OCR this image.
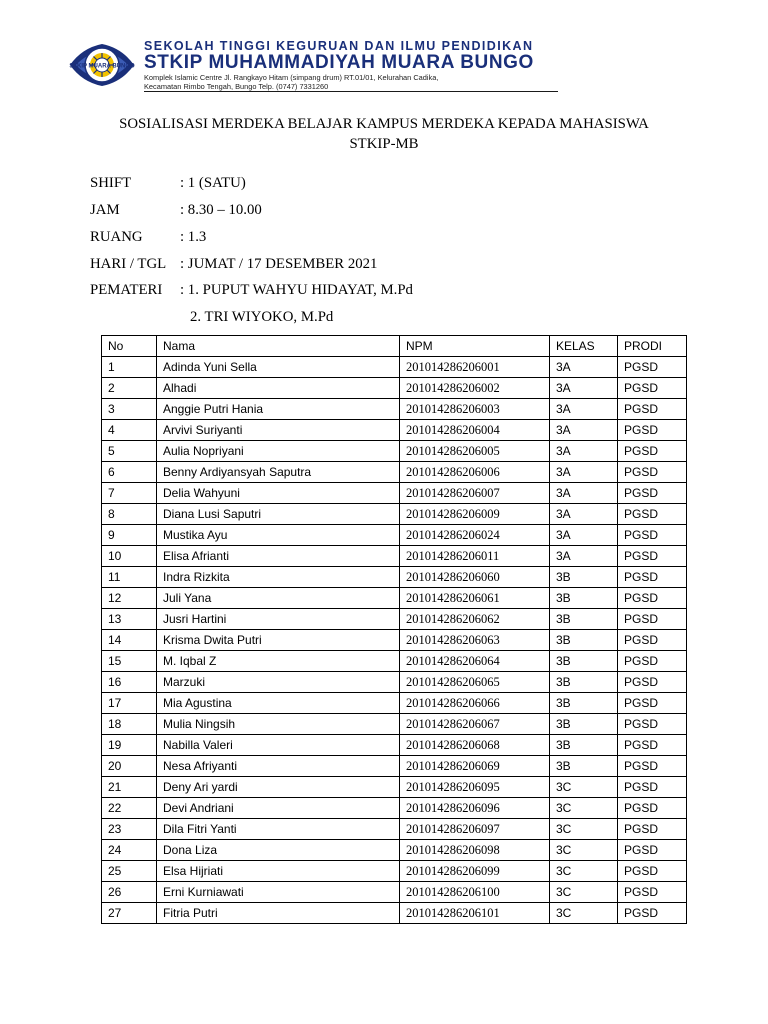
STKIP MUARA BUNGO
SEKOLAH TINGGI KEGURUAN DAN ILMU PENDIDIKAN
STKIP MUHAMMADIYAH MUARA BUNGO
Komplek Islamic Centre Jl. Rangkayo Hitam (simpang drum) RT.01/01, Kelurahan Cadika,
Kecamatan Rimbo Tengah, Bungo Telp. (0747) 7331260
SOSIALISASI MERDEKA BELAJAR KAMPUS MERDEKA KEPADA MAHASISWA
STKIP-MB
SHIFT	: 1 (SATU)
JAM	: 8.30 – 10.00
RUANG	: 1.3
HARI / TGL : JUMAT / 17 DESEMBER 2021
PEMATERI : 1. PUPUT WAHYU HIDAYAT, M.Pd
2. TRI WIYOKO, M.Pd
No	Nama	NPM	KELAS	PRODI
1	Adinda Yuni Sella	201014286206001	3A	PGSD
2	Alhadi	201014286206002	3A	PGSD
3	Anggie Putri Hania	201014286206003	3A	PGSD
4	Arvivi Suriyanti	201014286206004	3A	PGSD
5	Aulia Nopriyani	201014286206005	3A	PGSD
6	Benny Ardiyansyah Saputra	201014286206006	3A	PGSD
7	Delia Wahyuni	201014286206007	3A	PGSD
8	Diana Lusi Saputri	201014286206009	3A	PGSD
9	Mustika Ayu	201014286206024	3A	PGSD
10	Elisa Afrianti	201014286206011	3A	PGSD
11	Indra Rizkita	201014286206060	3B	PGSD
12	Juli Yana	201014286206061	3B	PGSD
13	Jusri Hartini	201014286206062	3B	PGSD
14	Krisma Dwita Putri	201014286206063	3B	PGSD
15	M. Iqbal Z	201014286206064	3B	PGSD
16	Marzuki	201014286206065	3B	PGSD
17	Mia Agustina	201014286206066	3B	PGSD
18	Mulia Ningsih	201014286206067	3B	PGSD
19	Nabilla Valeri	201014286206068	3B	PGSD
20	Nesa Afriyanti	201014286206069	3B	PGSD
21	Deny Ari yardi	201014286206095	3C	PGSD
22	Devi Andriani	201014286206096	3C	PGSD
23	Dila Fitri Yanti	201014286206097	3C	PGSD
24	Dona Liza	201014286206098	3C	PGSD
25	Elsa Hijriati	201014286206099	3C	PGSD
26	Erni Kurniawati	201014286206100	3C	PGSD
27	Fitria Putri	201014286206101	3C	PGSD
